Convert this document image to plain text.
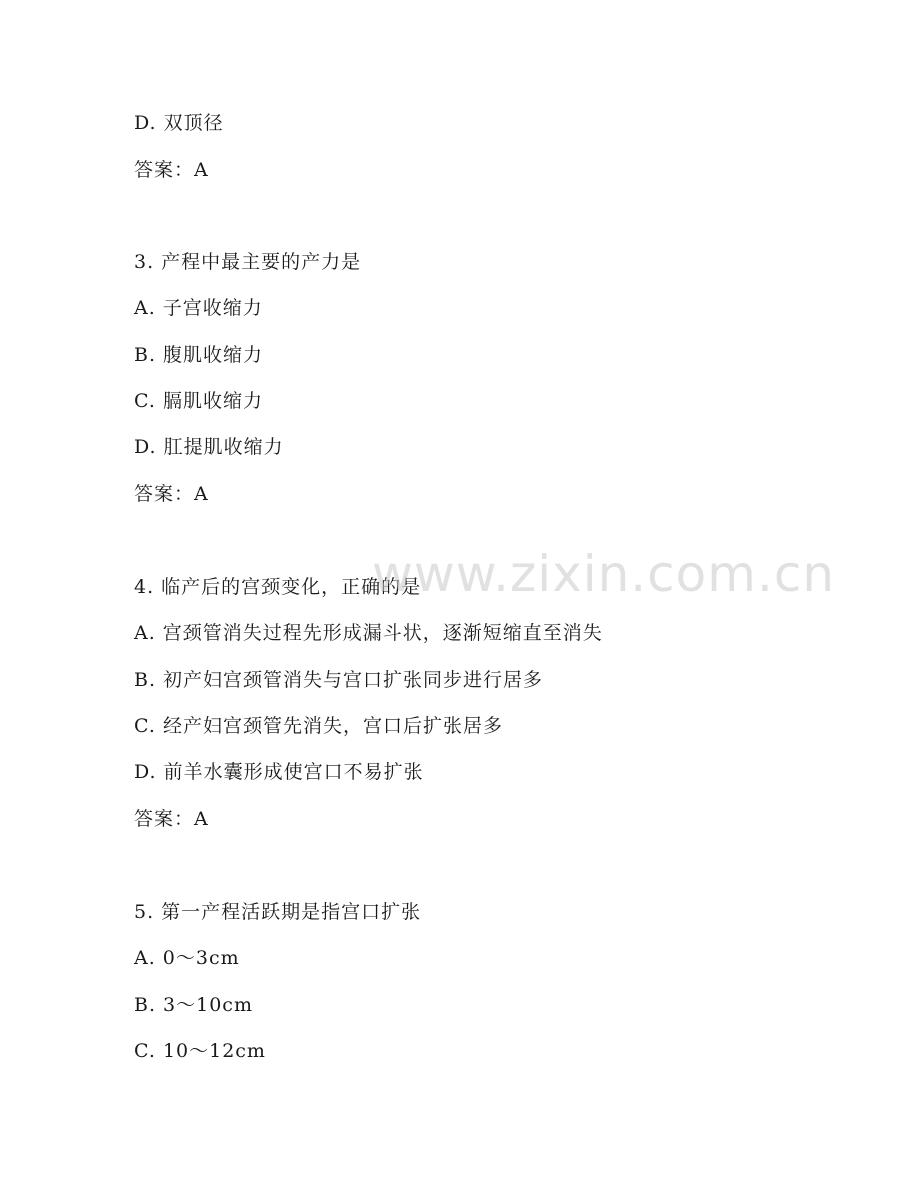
D. 双顶径
答案：A
3. 产程中最主要的产力是
A. 子宫收缩力
B. 腹肌收缩力
C. 膈肌收缩力
D. 肛提肌收缩力
答案：A
4. 临产后的宫颈变化，正确的是
A. 宫颈管消失过程先形成漏斗状，逐渐短缩直至消失
B. 初产妇宫颈管消失与宫口扩张同步进行居多
C. 经产妇宫颈管先消失，宫口后扩张居多
D. 前羊水囊形成使宫口不易扩张
答案：A
5. 第一产程活跃期是指宫口扩张
A. 0～3cm
B. 3～10cm
C. 10～12cm
www.zixin.com.cn
